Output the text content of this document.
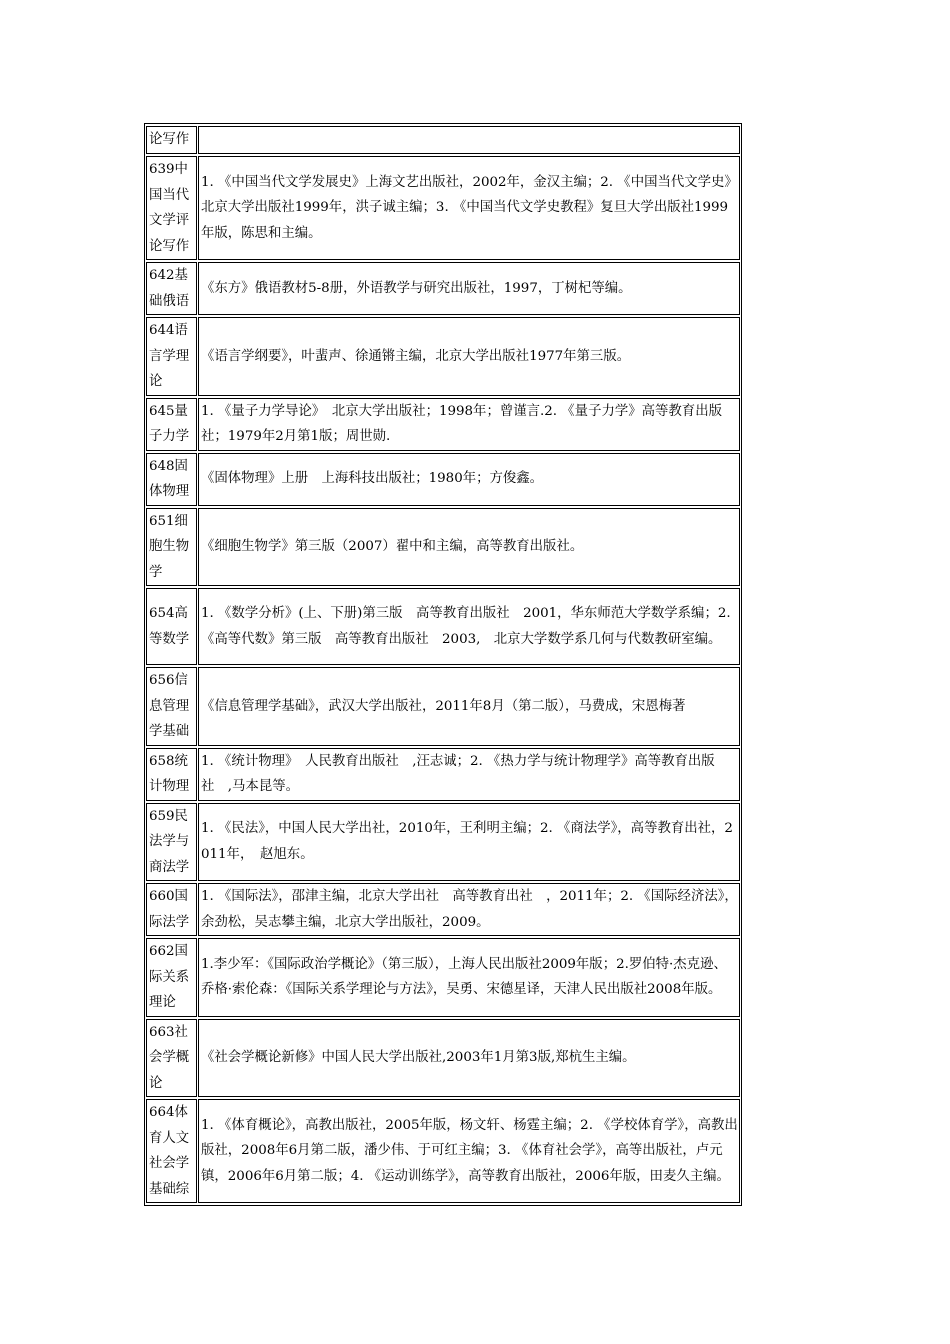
论写作	
639中国当代文学评论写作	1. 《中国当代文学发展史》上海文艺出版社，2002年，金汉主编；2. 《中国当代文学史》北京大学出版社1999年，洪子诚主编；3. 《中国当代文学史教程》复旦大学出版社1999年版，陈思和主编。
642基础俄语	《东方》俄语教材5-8册，外语教学与研究出版社，1997，丁树杞等编。
644语言学理论	《语言学纲要》，叶蜚声、徐通锵主编，北京大学出版社1977年第三版。
645量子力学	1. 《量子力学导论》　北京大学出版社；1998年；曾谨言.2. 《量子力学》高等教育出版社；1979年2月第1版；周世勋.
648固体物理	《固体物理》上册　上海科技出版社；1980年；方俊鑫。
651细胞生物学	《细胞生物学》第三版（2007）翟中和主编，高等教育出版社。
654高等数学	1. 《数学分析》(上、下册)第三版　高等教育出版社　2001，华东师范大学数学系编；2. 《高等代数》第三版　高等教育出版社　2003,　北京大学数学系几何与代数教研室编。
656信息管理学基础	《信息管理学基础》，武汉大学出版社，2011年8月（第二版），马费成，宋恩梅著
658统计物理	1. 《统计物理》　人民教育出版社　,汪志诚；2. 《热力学与统计物理学》高等教育出版社　,马本昆等。
659民法学与商法学	1. 《民法》，中国人民大学出社，2010年，王利明主编；2. 《商法学》，高等教育出社，2011年，　赵旭东。
660国际法学	1. 《国际法》，邵津主编，北京大学出社　高等教育出社　，2011年；2. 《国际经济法》，余劲松，吴志攀主编，北京大学出版社，2009。
662国际关系理论	1.李少军：《国际政治学概论》（第三版），上海人民出版社2009年版；2.罗伯特·杰克逊、乔格·索伦森：《国际关系学理论与方法》，吴勇、宋德星译，天津人民出版社2008年版。
663社会学概论	《社会学概论新修》中国人民大学出版社,2003年1月第3版,郑杭生主编。
664体育人文社会学基础综	1. 《体育概论》，高教出版社，2005年版，杨文轩、杨霆主编；2. 《学校体育学》，高教出版社，2008年6月第二版，潘少伟、于可红主编；3. 《体育社会学》，高等出版社，卢元镇，2006年6月第二版；4. 《运动训练学》，高等教育出版社，2006年版，田麦久主编。
